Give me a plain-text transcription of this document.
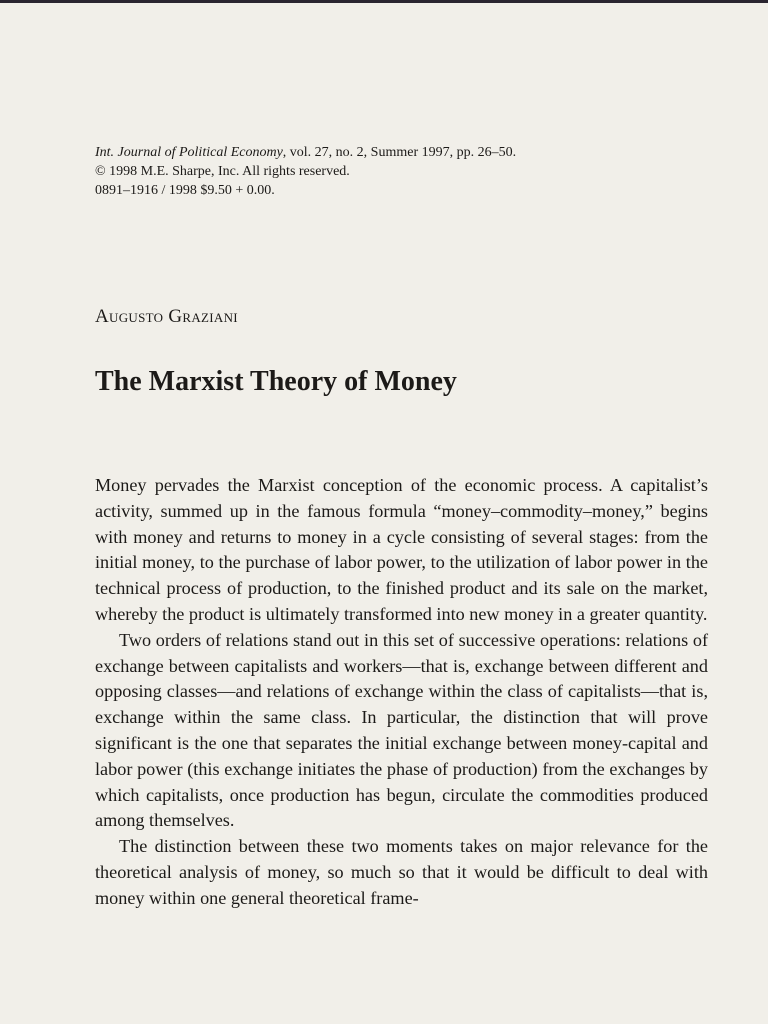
Int. Journal of Political Economy, vol. 27, no. 2, Summer 1997, pp. 26–50.
© 1998 M.E. Sharpe, Inc. All rights reserved.
0891–1916 / 1998 $9.50 + 0.00.
Augusto Graziani
The Marxist Theory of Money

Money pervades the Marxist conception of the economic process. A capitalist’s activity, summed up in the famous formula “money–commodity–money,” begins with money and returns to money in a cycle consisting of several stages: from the initial money, to the purchase of labor power, to the utilization of labor power in the technical process of production, to the finished product and its sale on the market, whereby the product is ultimately transformed into new money in a greater quantity.

Two orders of relations stand out in this set of successive operations: relations of exchange between capitalists and workers—that is, exchange between different and opposing classes—and relations of exchange within the class of capitalists—that is, exchange within the same class. In particular, the distinction that will prove significant is the one that separates the initial exchange between money-capital and labor power (this exchange initiates the phase of production) from the exchanges by which capitalists, once production has begun, circulate the commodities produced among themselves.

The distinction between these two moments takes on major relevance for the theoretical analysis of money, so much so that it would be difficult to deal with money within one general theoretical frame-
